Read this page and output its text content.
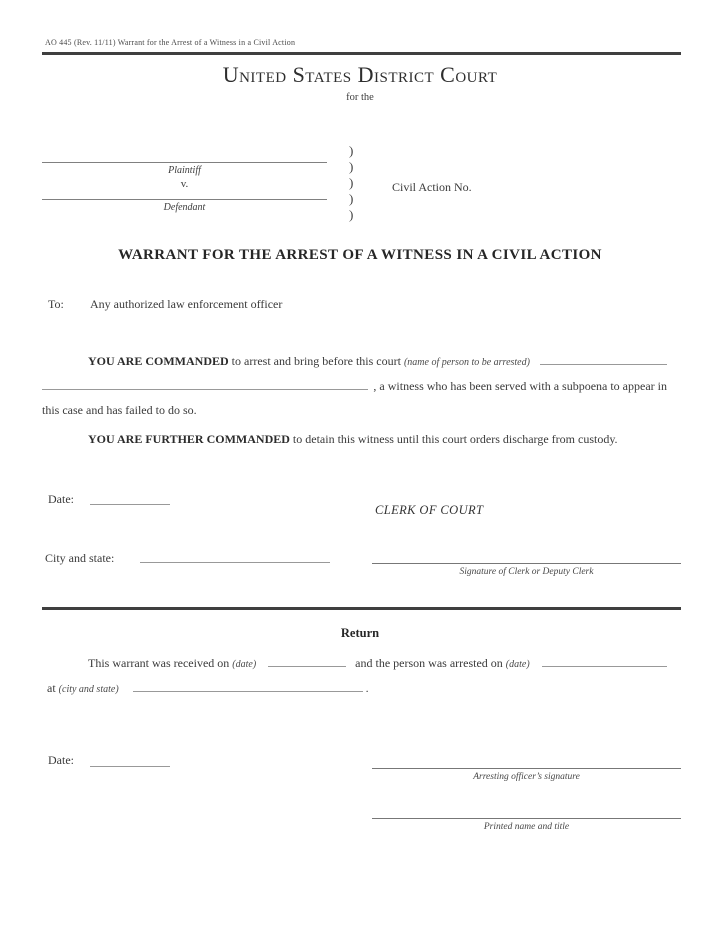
AO 445 (Rev. 11/11) Warrant for the Arrest of a Witness in a Civil Action
United States District Court
for the
Plaintiff
v.
Defendant
)
)
)
)
)
Civil Action No.
WARRANT FOR THE ARREST OF A WITNESS IN A CIVIL ACTION
To: Any authorized law enforcement officer
YOU ARE COMMANDED to arrest and bring before this court (name of person to be arrested)
, a witness who has been served with a subpoena to appear in
this case and has failed to do so.
YOU ARE FURTHER COMMANDED to detain this witness until this court orders discharge from custody.
Date:
CLERK OF COURT
City and state:
Signature of Clerk or Deputy Clerk
Return
This warrant was received on (date)	and the person was arrested on (date)
at (city and state)	.
Date:
Arresting officer’s signature
Printed name and title
